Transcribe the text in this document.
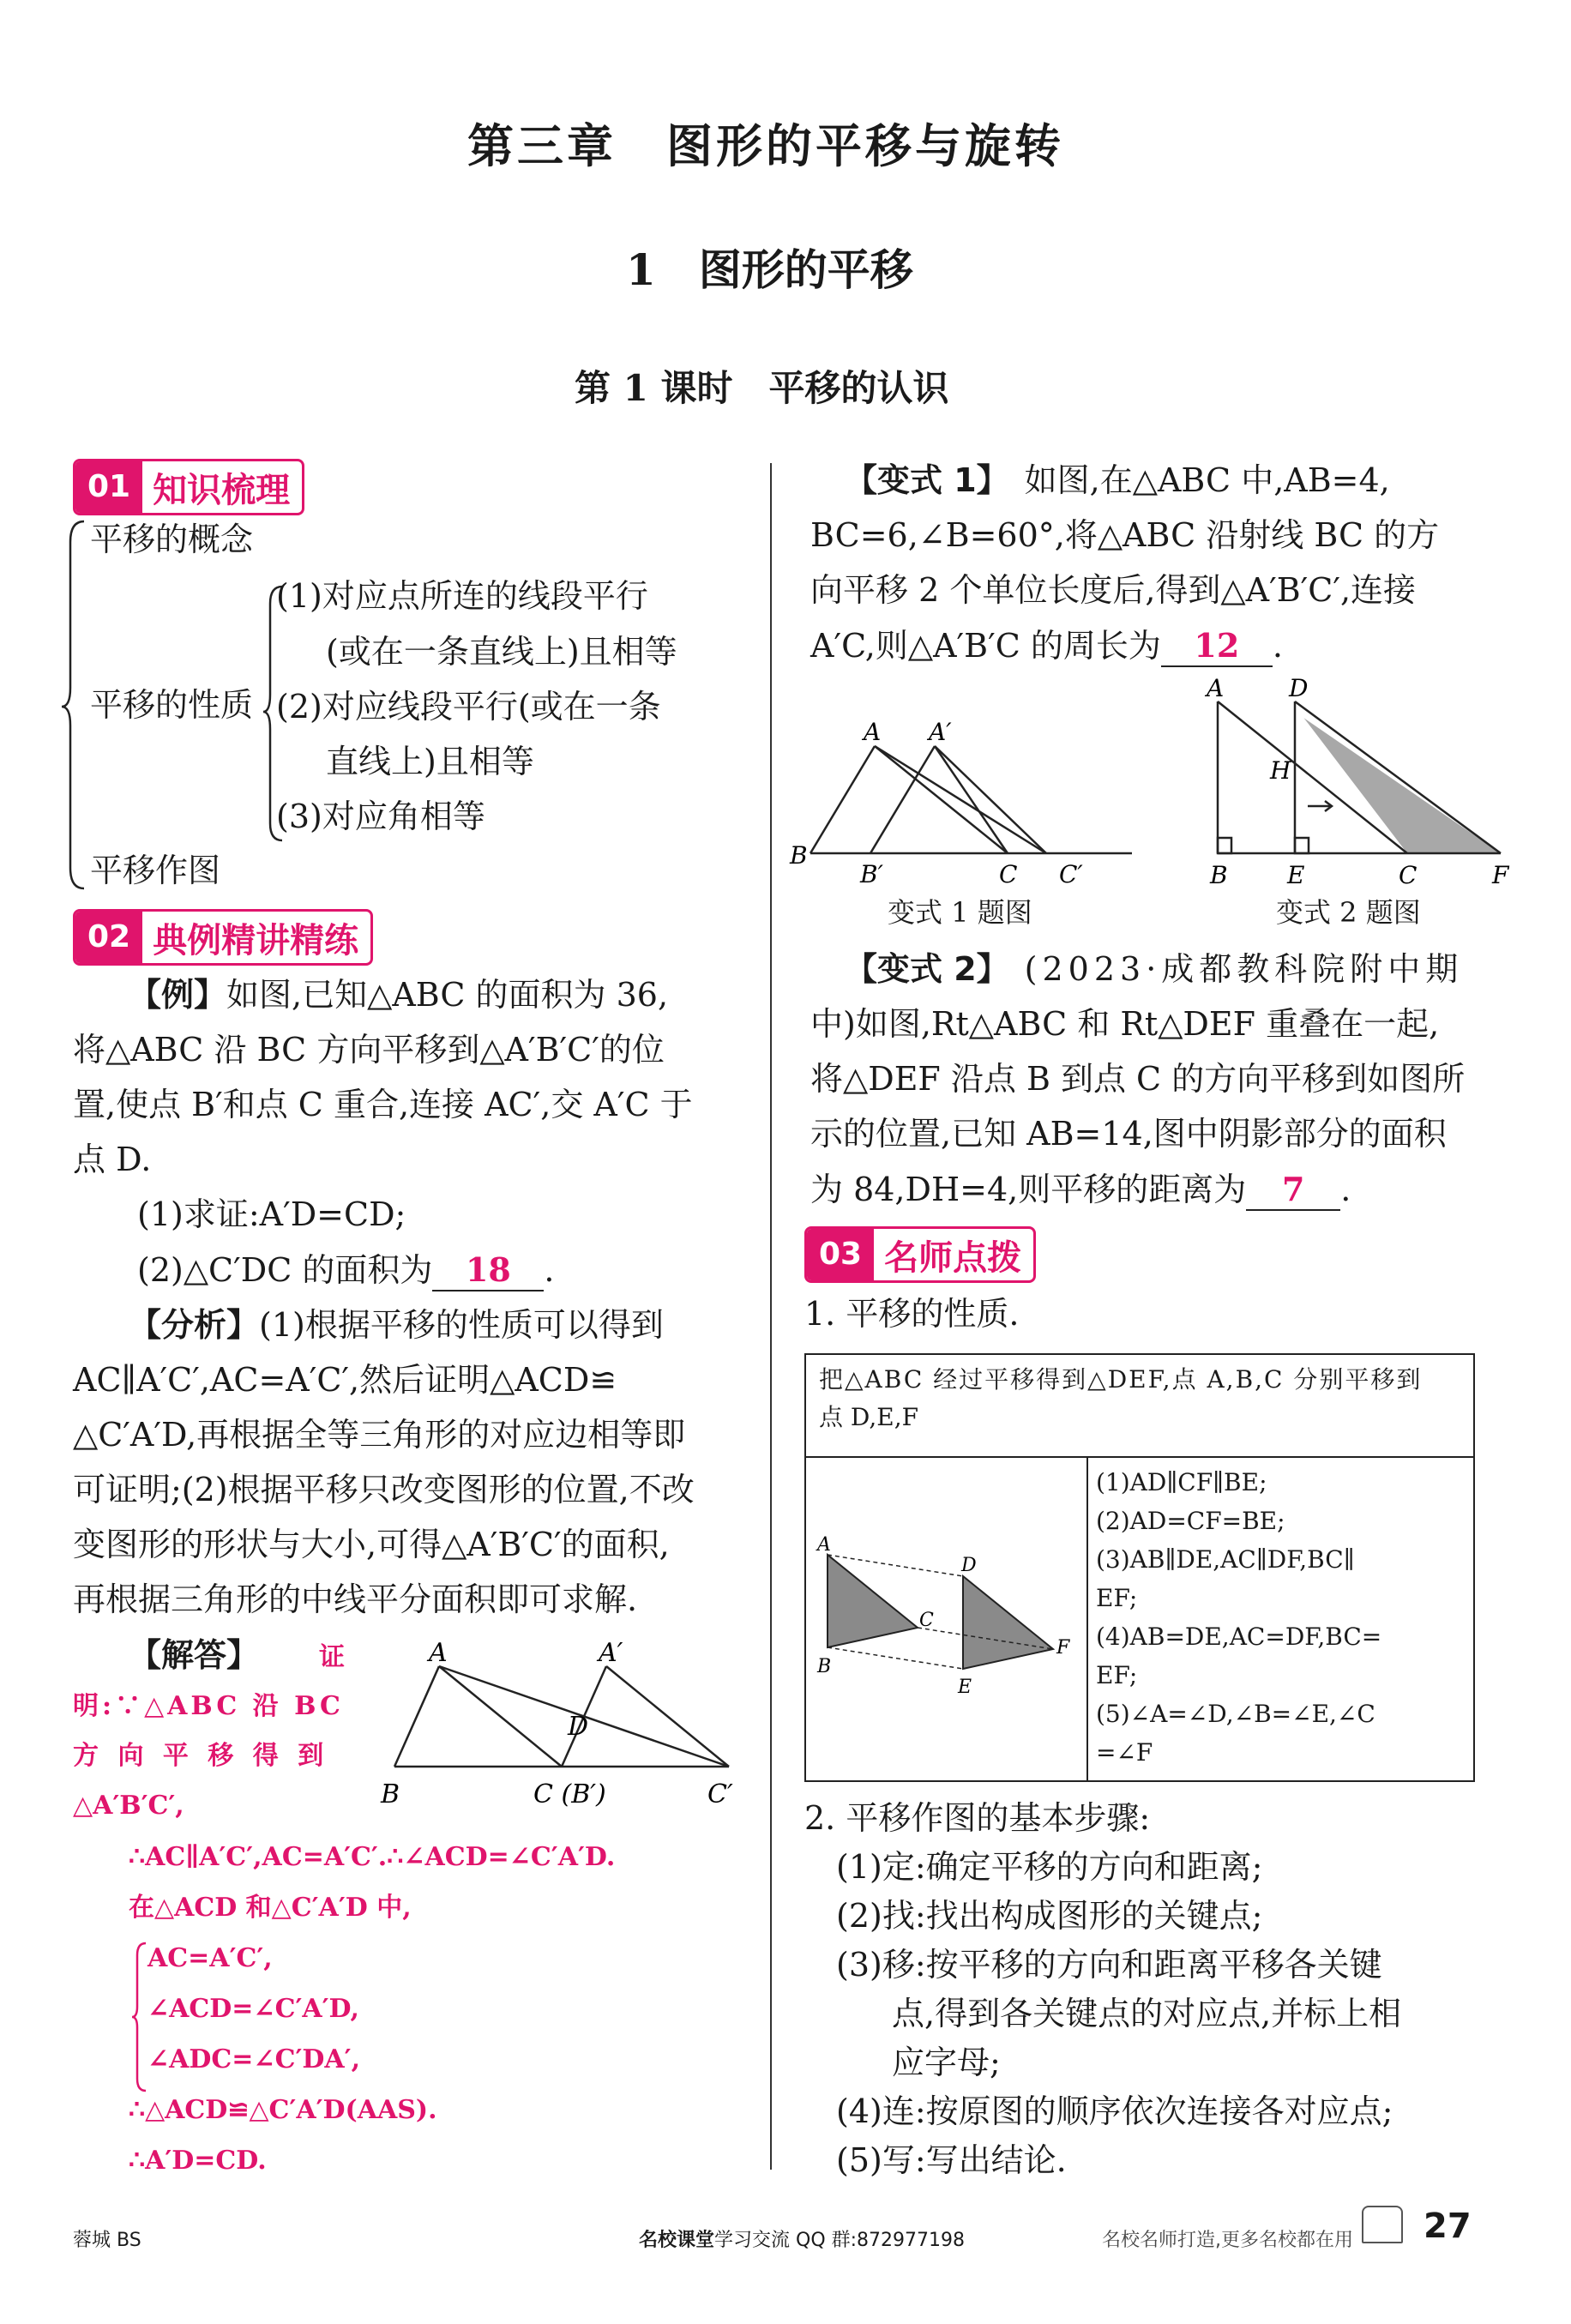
第三章　图形的平移与旋转
1　图形的平移
第 1 课时　平移的认识
01 知识梳理
平移的概念
平移的性质
(1)对应点所连的线段平行
(或在一条直线上)且相等
(2)对应线段平行(或在一条
直线上)且相等
(3)对应角相等
平移作图
02 典例精讲精练
【例】如图,已知△ABC 的面积为 36,
将△ABC 沿 BC 方向平移到△A′B′C′的位
置,使点 B′和点 C 重合,连接 AC′,交 A′C 于
点 D.
(1)求证:A′D=CD;
(2)△C′DC 的面积为 18 .
【分析】(1)根据平移的性质可以得到
AC∥A′C′,AC=A′C′,然后证明△ACD≌
△C′A′D,再根据全等三角形的对应边相等即
可证明;(2)根据平移只改变图形的位置,不改
变图形的形状与大小,可得△A′B′C′的面积,
再根据三角形的中线平分面积即可求解.
【解答】 证
明:∵△ABC 沿 BC
方 向 平 移 得 到
△A′B′C′,
∴AC∥A′C′,AC=A′C′.∴∠ACD=∠C′A′D.
在△ACD 和△C′A′D 中,
AC=A′C′,
∠ACD=∠C′A′D,
∠ADC=∠C′DA′,
∴△ACD≌△C′A′D(AAS).
∴A′D=CD.
A	A′
D
B	C (B′)	C′
【变式 1】 如图,在△ABC 中,AB=4,
BC=6,∠B=60°,将△ABC 沿射线 BC 的方
向平移 2 个单位长度后,得到△A′B′C′,连接
A′C,则△A′B′C 的周长为 12 .
A A′
B
B′	C C′
变式 1 题图
A	D
H
B E	C	F
变式 2 题图
【变式 2】 (2023·成都教科院附中期
中)如图,Rt△ABC 和 Rt△DEF 重叠在一起,
将△DEF 沿点 B 到点 C 的方向平移到如图所
示的位置,已知 AB=14,图中阴影部分的面积
为 84,DH=4,则平移的距离为 7 .
03 名师点拨
1. 平移的性质.
把△ABC 经过平移得到△DEF,点 A,B,C 分别平移到
点 D,E,F
A
B
C
D
E
F
(1)AD∥CF∥BE;
(2)AD=CF=BE;
(3)AB∥DE,AC∥DF,BC∥
EF;
(4)AB=DE,AC=DF,BC=
EF;
(5)∠A=∠D,∠B=∠E,∠C
=∠F
2. 平移作图的基本步骤:
(1)定:确定平移的方向和距离;
(2)找:找出构成图形的关键点;
(3)移:按平移的方向和距离平移各关键
点,得到各关键点的对应点,并标上相
应字母;
(4)连:按原图的顺序依次连接各对应点;
(5)写:写出结论.
蓉城 BS	名校课堂学习交流 QQ 群:872977198	名校名师打造,更多名校都在用 27
